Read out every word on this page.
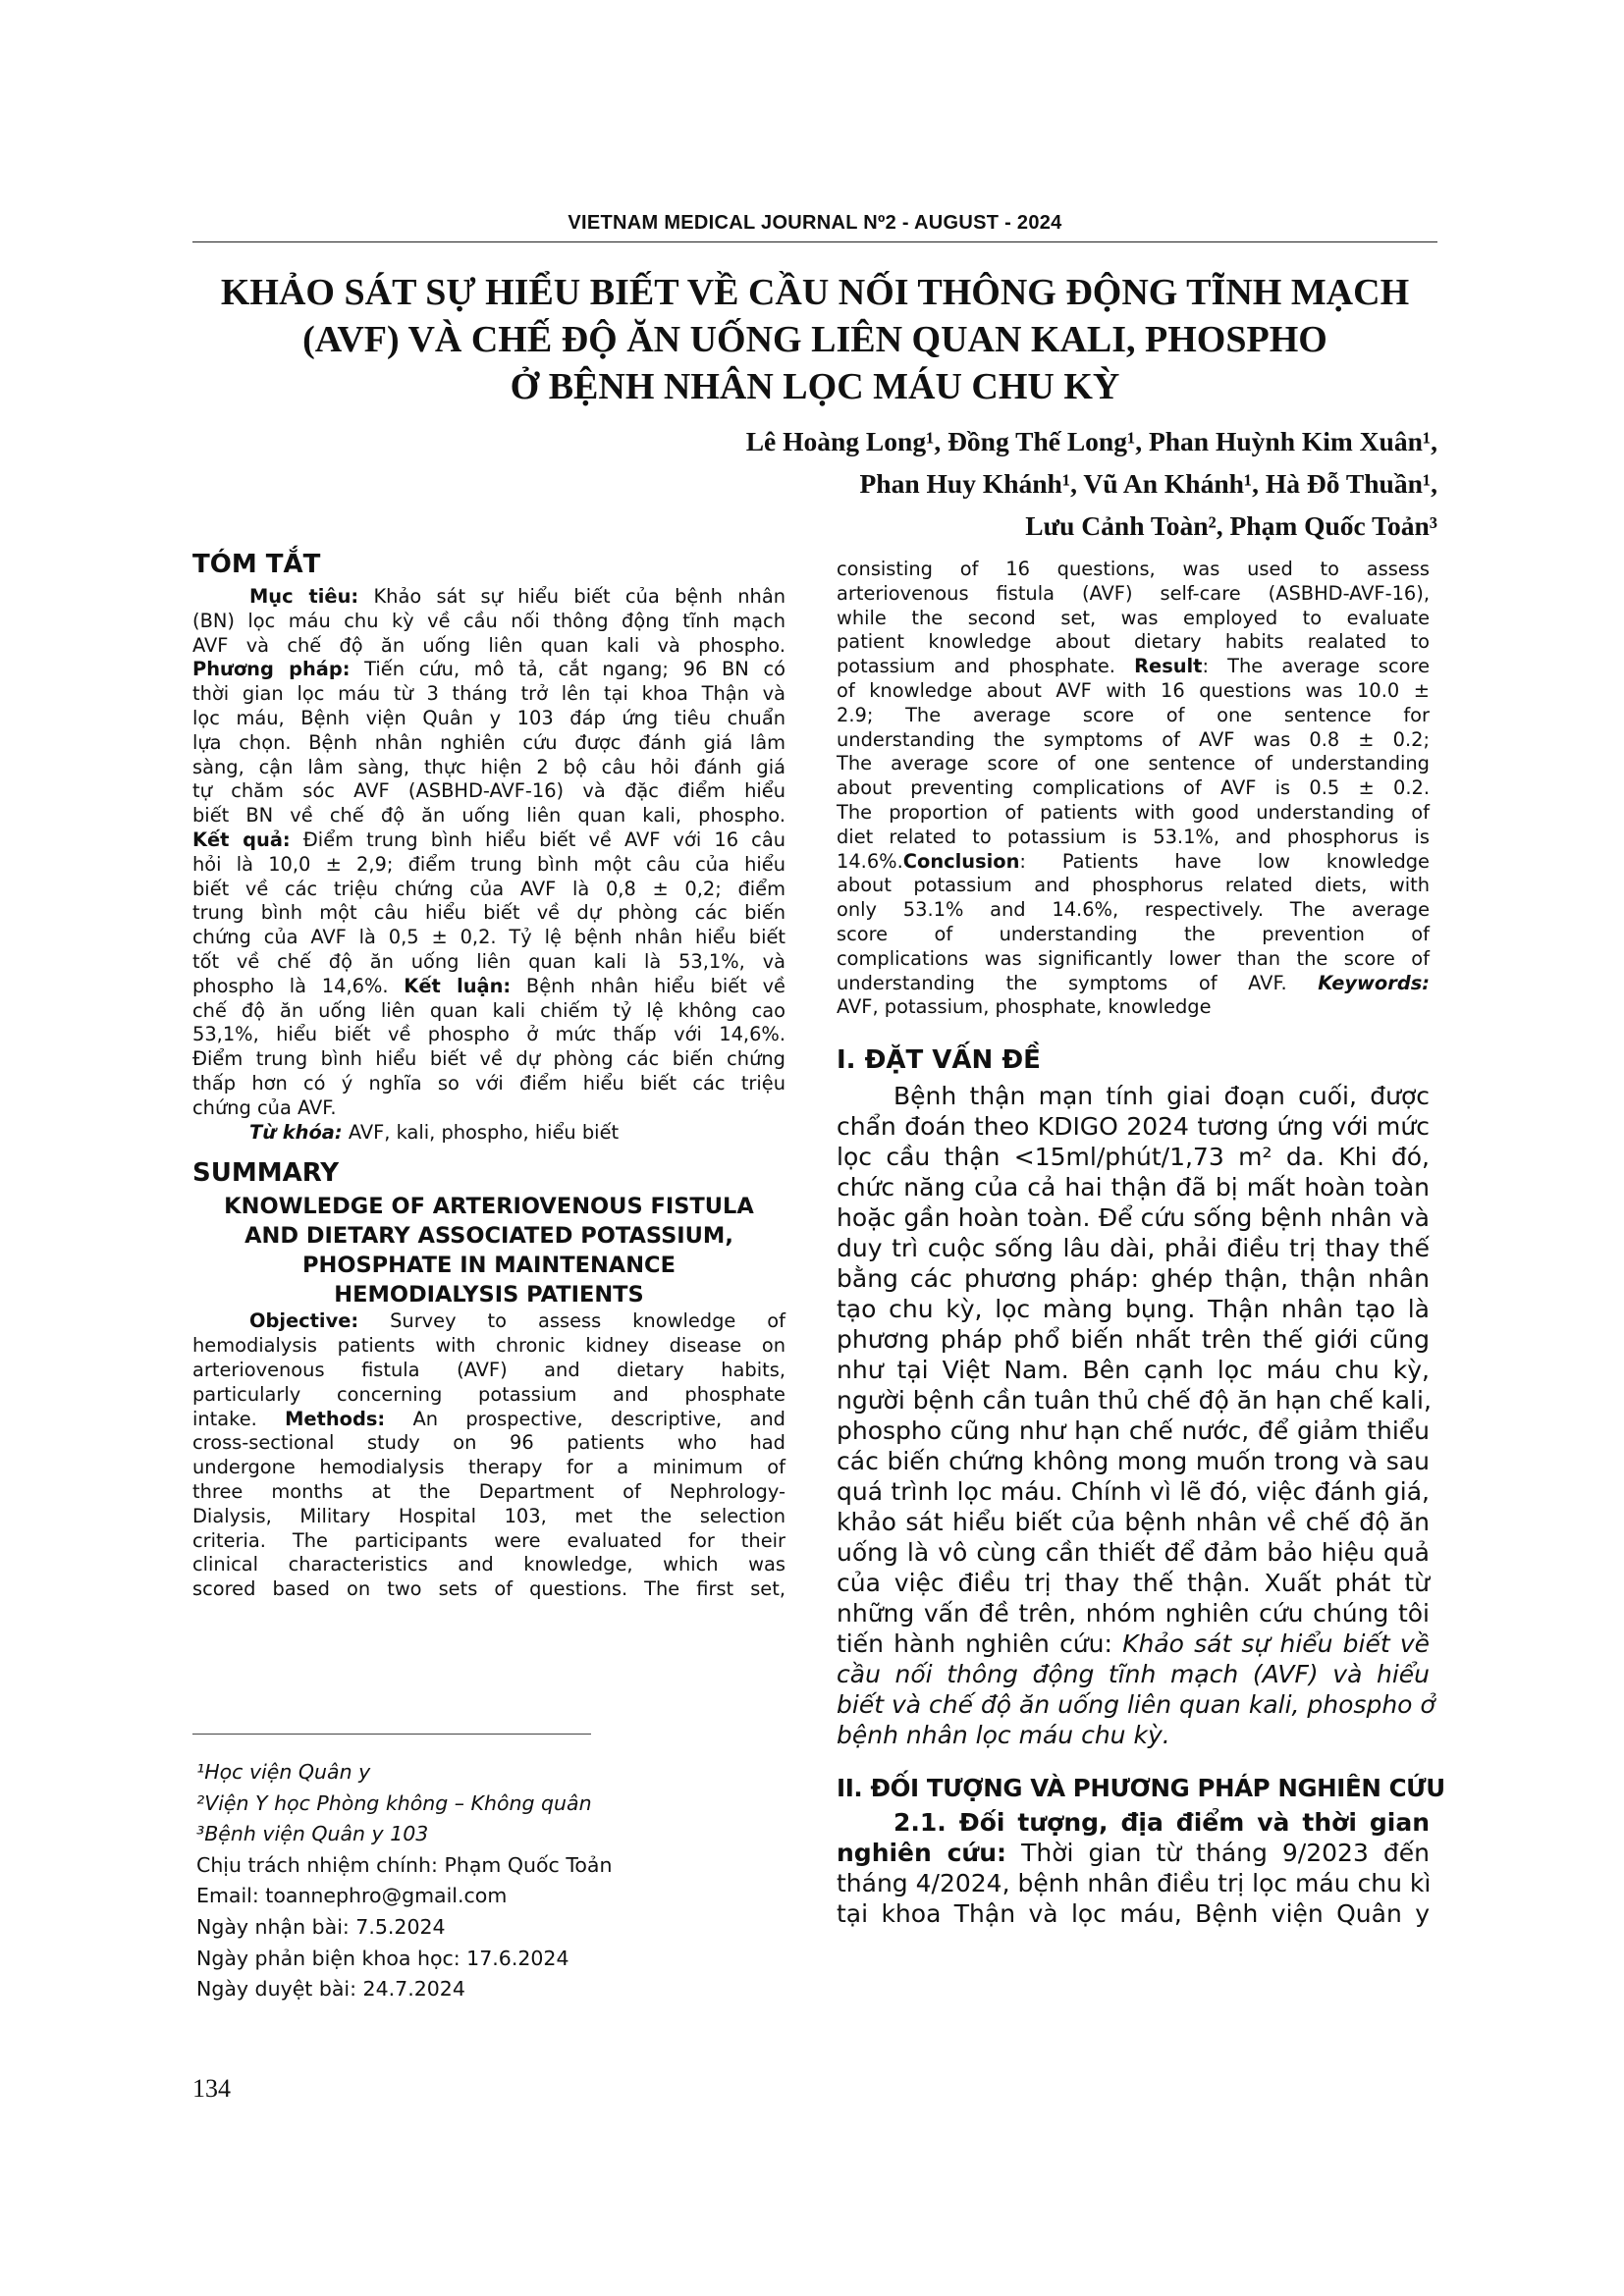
VIETNAM MEDICAL JOURNAL Nº2 - AUGUST - 2024
KHẢO SÁT SỰ HIỂU BIẾT VỀ CẦU NỐI THÔNG ĐỘNG TĨNH MẠCH
(AVF) VÀ CHẾ ĐỘ ĂN UỐNG LIÊN QUAN KALI, PHOSPHO
Ở BỆNH NHÂN LỌC MÁU CHU KỲ
Lê Hoàng Long¹, Đồng Thế Long¹, Phan Huỳnh Kim Xuân¹,
Phan Huy Khánh¹, Vũ An Khánh¹, Hà Đỗ Thuần¹,
Lưu Cảnh Toàn², Phạm Quốc Toản³
TÓM TẮT
Mục tiêu: Khảo sát sự hiểu biết của bệnh nhân
(BN) lọc máu chu kỳ về cầu nối thông động tĩnh mạch
AVF và chế độ ăn uống liên quan kali và phospho.
Phương pháp: Tiến cứu, mô tả, cắt ngang; 96 BN có
thời gian lọc máu từ 3 tháng trở lên tại khoa Thận và
lọc máu, Bệnh viện Quân y 103 đáp ứng tiêu chuẩn
lựa chọn. Bệnh nhân nghiên cứu được đánh giá lâm
sàng, cận lâm sàng, thực hiện 2 bộ câu hỏi đánh giá
tự chăm sóc AVF (ASBHD-AVF-16) và đặc điểm hiểu
biết BN về chế độ ăn uống liên quan kali, phospho.
Kết quả: Điểm trung bình hiểu biết về AVF với 16 câu
hỏi là 10,0 ± 2,9; điểm trung bình một câu của hiểu
biết về các triệu chứng của AVF là 0,8 ± 0,2; điểm
trung bình một câu hiểu biết về dự phòng các biến
chứng của AVF là 0,5 ± 0,2. Tỷ lệ bệnh nhân hiểu biết
tốt về chế độ ăn uống liên quan kali là 53,1%, và
phospho là 14,6%. Kết luận: Bệnh nhân hiểu biết về
chế độ ăn uống liên quan kali chiếm tỷ lệ không cao
53,1%, hiểu biết về phospho ở mức thấp với 14,6%.
Điểm trung bình hiểu biết về dự phòng các biến chứng
thấp hơn có ý nghĩa so với điểm hiểu biết các triệu
chứng của AVF.
Từ khóa: AVF, kali, phospho, hiểu biết
SUMMARY
KNOWLEDGE OF ARTERIOVENOUS FISTULA
AND DIETARY ASSOCIATED POTASSIUM,
PHOSPHATE IN MAINTENANCE
HEMODIALYSIS PATIENTS
Objective: Survey to assess knowledge of
hemodialysis patients with chronic kidney disease on
arteriovenous fistula (AVF) and dietary habits,
particularly concerning potassium and phosphate
intake. Methods: An prospective, descriptive, and
cross-sectional study on 96 patients who had
undergone hemodialysis therapy for a minimum of
three months at the Department of Nephrology-
Dialysis, Military Hospital 103, met the selection
criteria. The participants were evaluated for their
clinical characteristics and knowledge, which was
scored based on two sets of questions. The first set,
consisting of 16 questions, was used to assess
arteriovenous fistula (AVF) self-care (ASBHD-AVF-16),
while the second set, was employed to evaluate
patient knowledge about dietary habits realated to
potassium and phosphate. Result: The average score
of knowledge about AVF with 16 questions was 10.0 ±
2.9; The average score of one sentence for
understanding the symptoms of AVF was 0.8 ± 0.2;
The average score of one sentence of understanding
about preventing complications of AVF is 0.5 ± 0.2.
The proportion of patients with good understanding of
diet related to potassium is 53.1%, and phosphorus is
14.6%.Conclusion: Patients have low knowledge
about potassium and phosphorus related diets, with
only 53.1% and 14.6%, respectively. The average
score of understanding the prevention of
complications was significantly lower than the score of
understanding the symptoms of AVF. Keywords:
AVF, potassium, phosphate, knowledge
I. ĐẶT VẤN ĐỀ
Bệnh thận mạn tính giai đoạn cuối, được
chẩn đoán theo KDIGO 2024 tương ứng với mức
lọc cầu thận <15ml/phút/1,73 m² da. Khi đó,
chức năng của cả hai thận đã bị mất hoàn toàn
hoặc gần hoàn toàn. Để cứu sống bệnh nhân và
duy trì cuộc sống lâu dài, phải điều trị thay thế
bằng các phương pháp: ghép thận, thận nhân
tạo chu kỳ, lọc màng bụng. Thận nhân tạo là
phương pháp phổ biến nhất trên thế giới cũng
như tại Việt Nam. Bên cạnh lọc máu chu kỳ,
người bệnh cần tuân thủ chế độ ăn hạn chế kali,
phospho cũng như hạn chế nước, để giảm thiểu
các biến chứng không mong muốn trong và sau
quá trình lọc máu. Chính vì lẽ đó, việc đánh giá,
khảo sát hiểu biết của bệnh nhân về chế độ ăn
uống là vô cùng cần thiết để đảm bảo hiệu quả
của việc điều trị thay thế thận. Xuất phát từ
những vấn đề trên, nhóm nghiên cứu chúng tôi
tiến hành nghiên cứu: Khảo sát sự hiểu biết về
cầu nối thông động tĩnh mạch (AVF) và hiểu
biết và chế độ ăn uống liên quan kali, phospho ở
bệnh nhân lọc máu chu kỳ.
II. ĐỐI TƯỢNG VÀ PHƯƠNG PHÁP NGHIÊN CỨU
2.1. Đối tượng, địa điểm và thời gian
nghiên cứu: Thời gian từ tháng 9/2023 đến
tháng 4/2024, bệnh nhân điều trị lọc máu chu kì
tại khoa Thận và lọc máu, Bệnh viện Quân y
¹Học viện Quân y
²Viện Y học Phòng không – Không quân
³Bệnh viện Quân y 103
Chịu trách nhiệm chính: Phạm Quốc Toản
Email: toannephro@gmail.com
Ngày nhận bài: 7.5.2024
Ngày phản biện khoa học: 17.6.2024
Ngày duyệt bài: 24.7.2024
134
